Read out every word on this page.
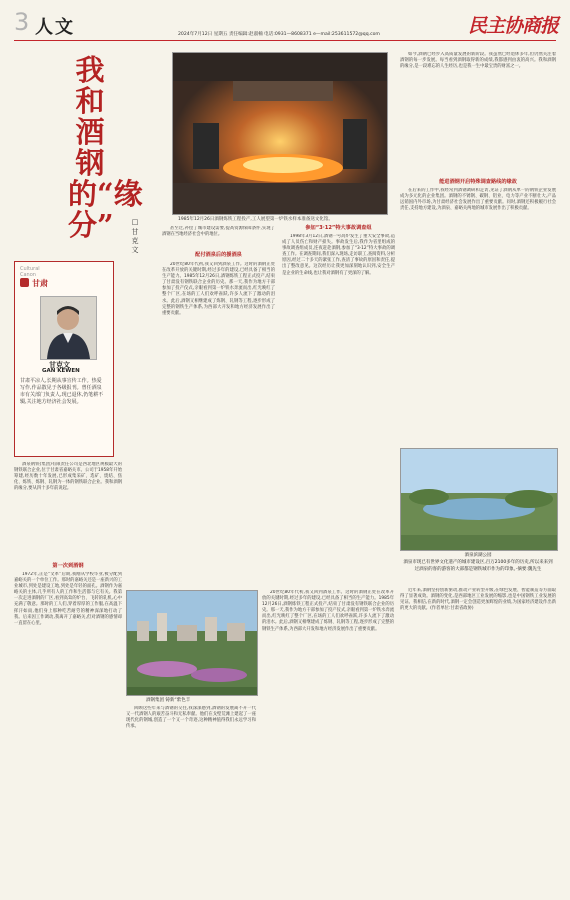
3 人文	2024年7月12日 星期五 责任编辑:赵淑楠 电话:0931—8608371 e—mail:253611572@qq.com	民主协商报
我和酒钢的“缘分” □甘克文	1985年12月26日酒钢炼铁工程投产,工人展望第一炉铁水样本准备送文化馆。

甚至过,补偿了城市建设需要,提高资源保障条件,实现了酒钢在当地经济社会中的地位。

配付酒泉后的援酒泉

20世纪80年代初,我又回到酒泉工作。这时的酒钢正处在改革开放的关键时期,经过多年的建设,已经具备了相当的生产能力。1985年12月26日,酒钢炼铁工程正式投产,结束了甘肃没有钢铁联合企业的历史。那一天,我作为地方干部参加了投产仪式,亲眼看到第一炉铁水奔流而出,红光映红了整个厂区,在场的工人们欢呼雀跃,许多人流下了激动的泪水。此后,酒钢又相继建成了炼钢、轧钢等工程,逐步形成了完整的钢铁生产体系,为西部大开发和地方经济发展作出了重要贡献。

参加“3·12”特大事故调查组

1998年3月12日,酒钢一号高炉发生了重大安全事故,造成了人员伤亡和财产损失。事故发生后,我作为省里组成的事故调查组成员,连夜赶赴酒钢,参加了“3·12”特大事故的调查工作。在调查期间,我们深入现场,走访职工,查阅资料,分析原因,经过二十多天的紧张工作,查清了事故的原因和责任,提出了整改意见。这次经历让我更加深刻地认识到,安全生产是企业的生命线,也让我对酒钢有了更深的了解。

如今,酒钢已经步入高质量发展的新阶段。我虽然已经退休多年,但仍然关注着酒钢的每一步发展。每当看到酒钢取得新的成绩,我都感到由衷的高兴。我和酒钢的缘分,是一段难忘的人生经历,也是我一生中最宝贵的财富之一。

能进酒钢开启特殊调查路线的缘故

在后来的工作中,我经常到酒钢调研和走访,见证了酒钢从单一的钢铁企业发展成为多元化的企业集团。酒钢的不锈钢、碳钢、铝业、电力等产业不断壮大,产品远销国内外市场,为甘肃经济社会发展作出了重要贡献。同时,酒钢还积极履行社会责任,支持地方建设,为酒泉、嘉峪关两地的城市发展作出了积极贡献。

Cultural
Canon
甘肃
甘克文
GAN KEWEN
甘肃平凉人,长期从事宣传工作。热爱写作,作品散见于各级报刊。曾任酒泉市有关部门负责人,现已退休,仍笔耕不辍,关注地方经济社会发展。

酒泉钢铁(集团)有限责任公司是西北地区规模最大的钢铁联合企业,位于甘肃省嘉峪关市。公司于1958年开始筹建,经历数十年发展,已形成集采矿、选矿、烧结、焦化、炼铁、炼钢、轧钢为一体的钢铁联合企业。我和酒钢的缘分,要从四十多年前说起。

第一次到酒钢

1972年,正是“文革”后期,我刚从学校毕业,被分配到嘉峪关的一个单位工作。那时的嘉峪关还是一座新兴的工业城市,到处是建设工地,到处是年轻的面孔。酒钢作为嘉峪关的主体,几乎所有人的工作和生活都与它有关。我第一次走进酒钢的厂区,看到高耸的炉台、飞转的轧机,心中充满了敬意。那时的工人们,穿着厚厚的工作服,在高温下挥汗如雨,他们身上那种吃苦耐劳的精神深深地打动了我。后来因工作调动,我离开了嘉峪关,但对酒钢的感情却一直留在心里。

酒钢集团 铸新“紫色丰

回顾这些年来与酒钢的交往,我深深感到,酒钢的发展离不开一代又一代酒钢人的艰苦奋斗和无私奉献。他们在戈壁荒滩上建起了一座现代化的钢城,创造了一个又一个奇迹,这种精神值得我们永远学习和传承。

20世纪80年代初,我又回到酒泉工作。这时的酒钢正处在改革开放的关键时期,经过多年的建设,已经具备了相当的生产能力。1985年12月26日,酒钢炼铁工程正式投产,结束了甘肃没有钢铁联合企业的历史。那一天,我作为地方干部参加了投产仪式,亲眼看到第一炉铁水奔流而出,红光映红了整个厂区,在场的工人们欢呼雀跃,许多人流下了激动的泪水。此后,酒钢又相继建成了炼钢、轧钢等工程,逐步形成了完整的钢铁生产体系,为西部大开发和地方经济发展作出了重要贡献。

酒泉滨湖公园
酒泉市现已有世界文化遗产的城市建设区,百万2100多年的历史,所以来来到过酒泉的客的游客的大部都是钢铁城市作为的印象。·摘要:魏先生

近年来,酒钢坚持创新驱动,推动产业转型升级,在绿色发展、智能制造等方面取得了显著成效。酒钢的变化,是西部地区工业发展的缩影,也是中国钢铁工业发展的见证。我相信,在新的时代,酒钢一定会创造更加辉煌的业绩,为国家经济建设作出新的更大的贡献。(作者单位:甘肃省政协)
